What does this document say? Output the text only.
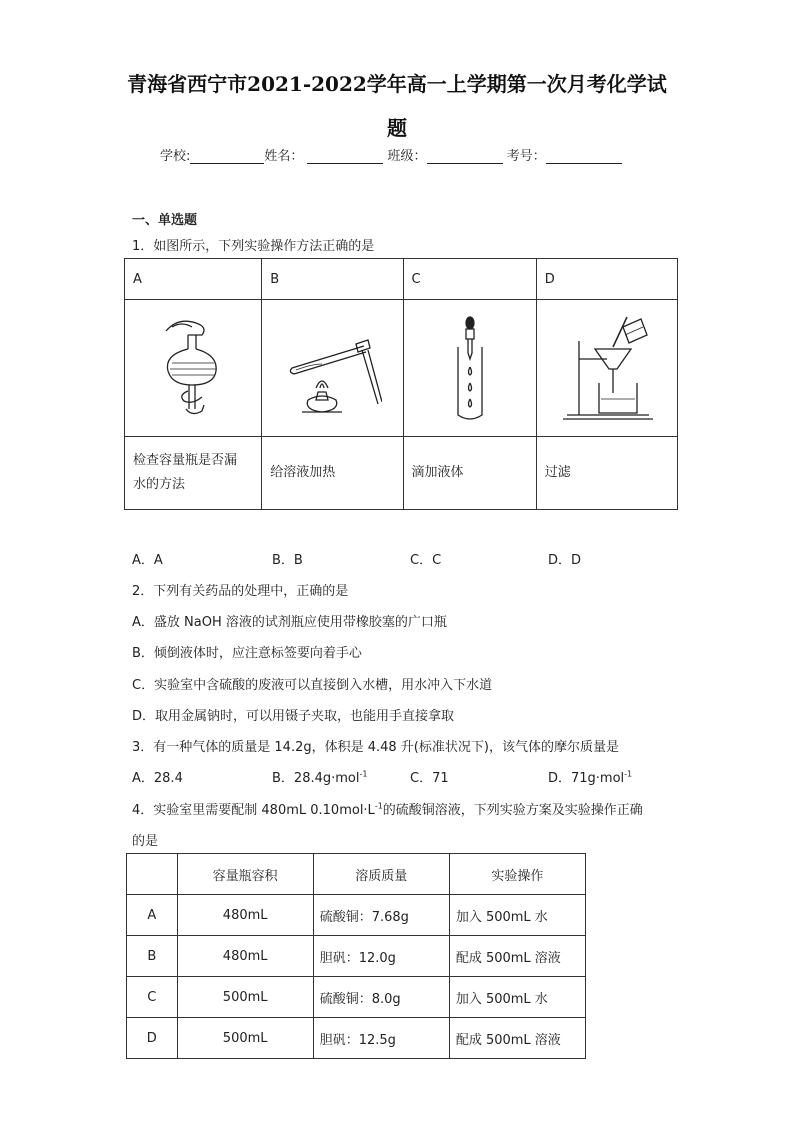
青海省西宁市2021-2022学年高一上学期第一次月考化学试
题
学校:	姓名：	班级：	考号：
一、单选题
1．如图所示，下列实验操作方法正确的是
A	B	C	D

检查容量瓶是否漏
水的方法	给溶液加热	滴加液体	过滤
A．A	B．B	C．C	D．D
2．下列有关药品的处理中，正确的是
A．盛放 NaOH 溶液的试剂瓶应使用带橡胶塞的广口瓶
B．倾倒液体时，应注意标签要向着手心
C．实验室中含硫酸的废液可以直接倒入水槽，用水冲入下水道
D．取用金属钠时，可以用镊子夹取，也能用手直接拿取
3．有一种气体的质量是 14.2g，体积是 4.48 升(标准状况下)，该气体的摩尔质量是
A．28.4	B．28.4g·mol$^{-1}$	C．71	D．71g·mol$^{-1}$
4．实验室里需要配制 480mL $0.10mol\cdot L^{-1}$的硫酸铜溶液，下列实验方案及实验操作正确
的是
	容量瓶容积	溶质质量	实验操作
A	480mL	硫酸铜：7.68g	加入 500mL 水
B	480mL	胆矾：12.0g	配成 500mL 溶液
C	500mL	硫酸铜：8.0g	加入 500mL 水
D	500mL	胆矾：12.5g	配成 500mL 溶液
